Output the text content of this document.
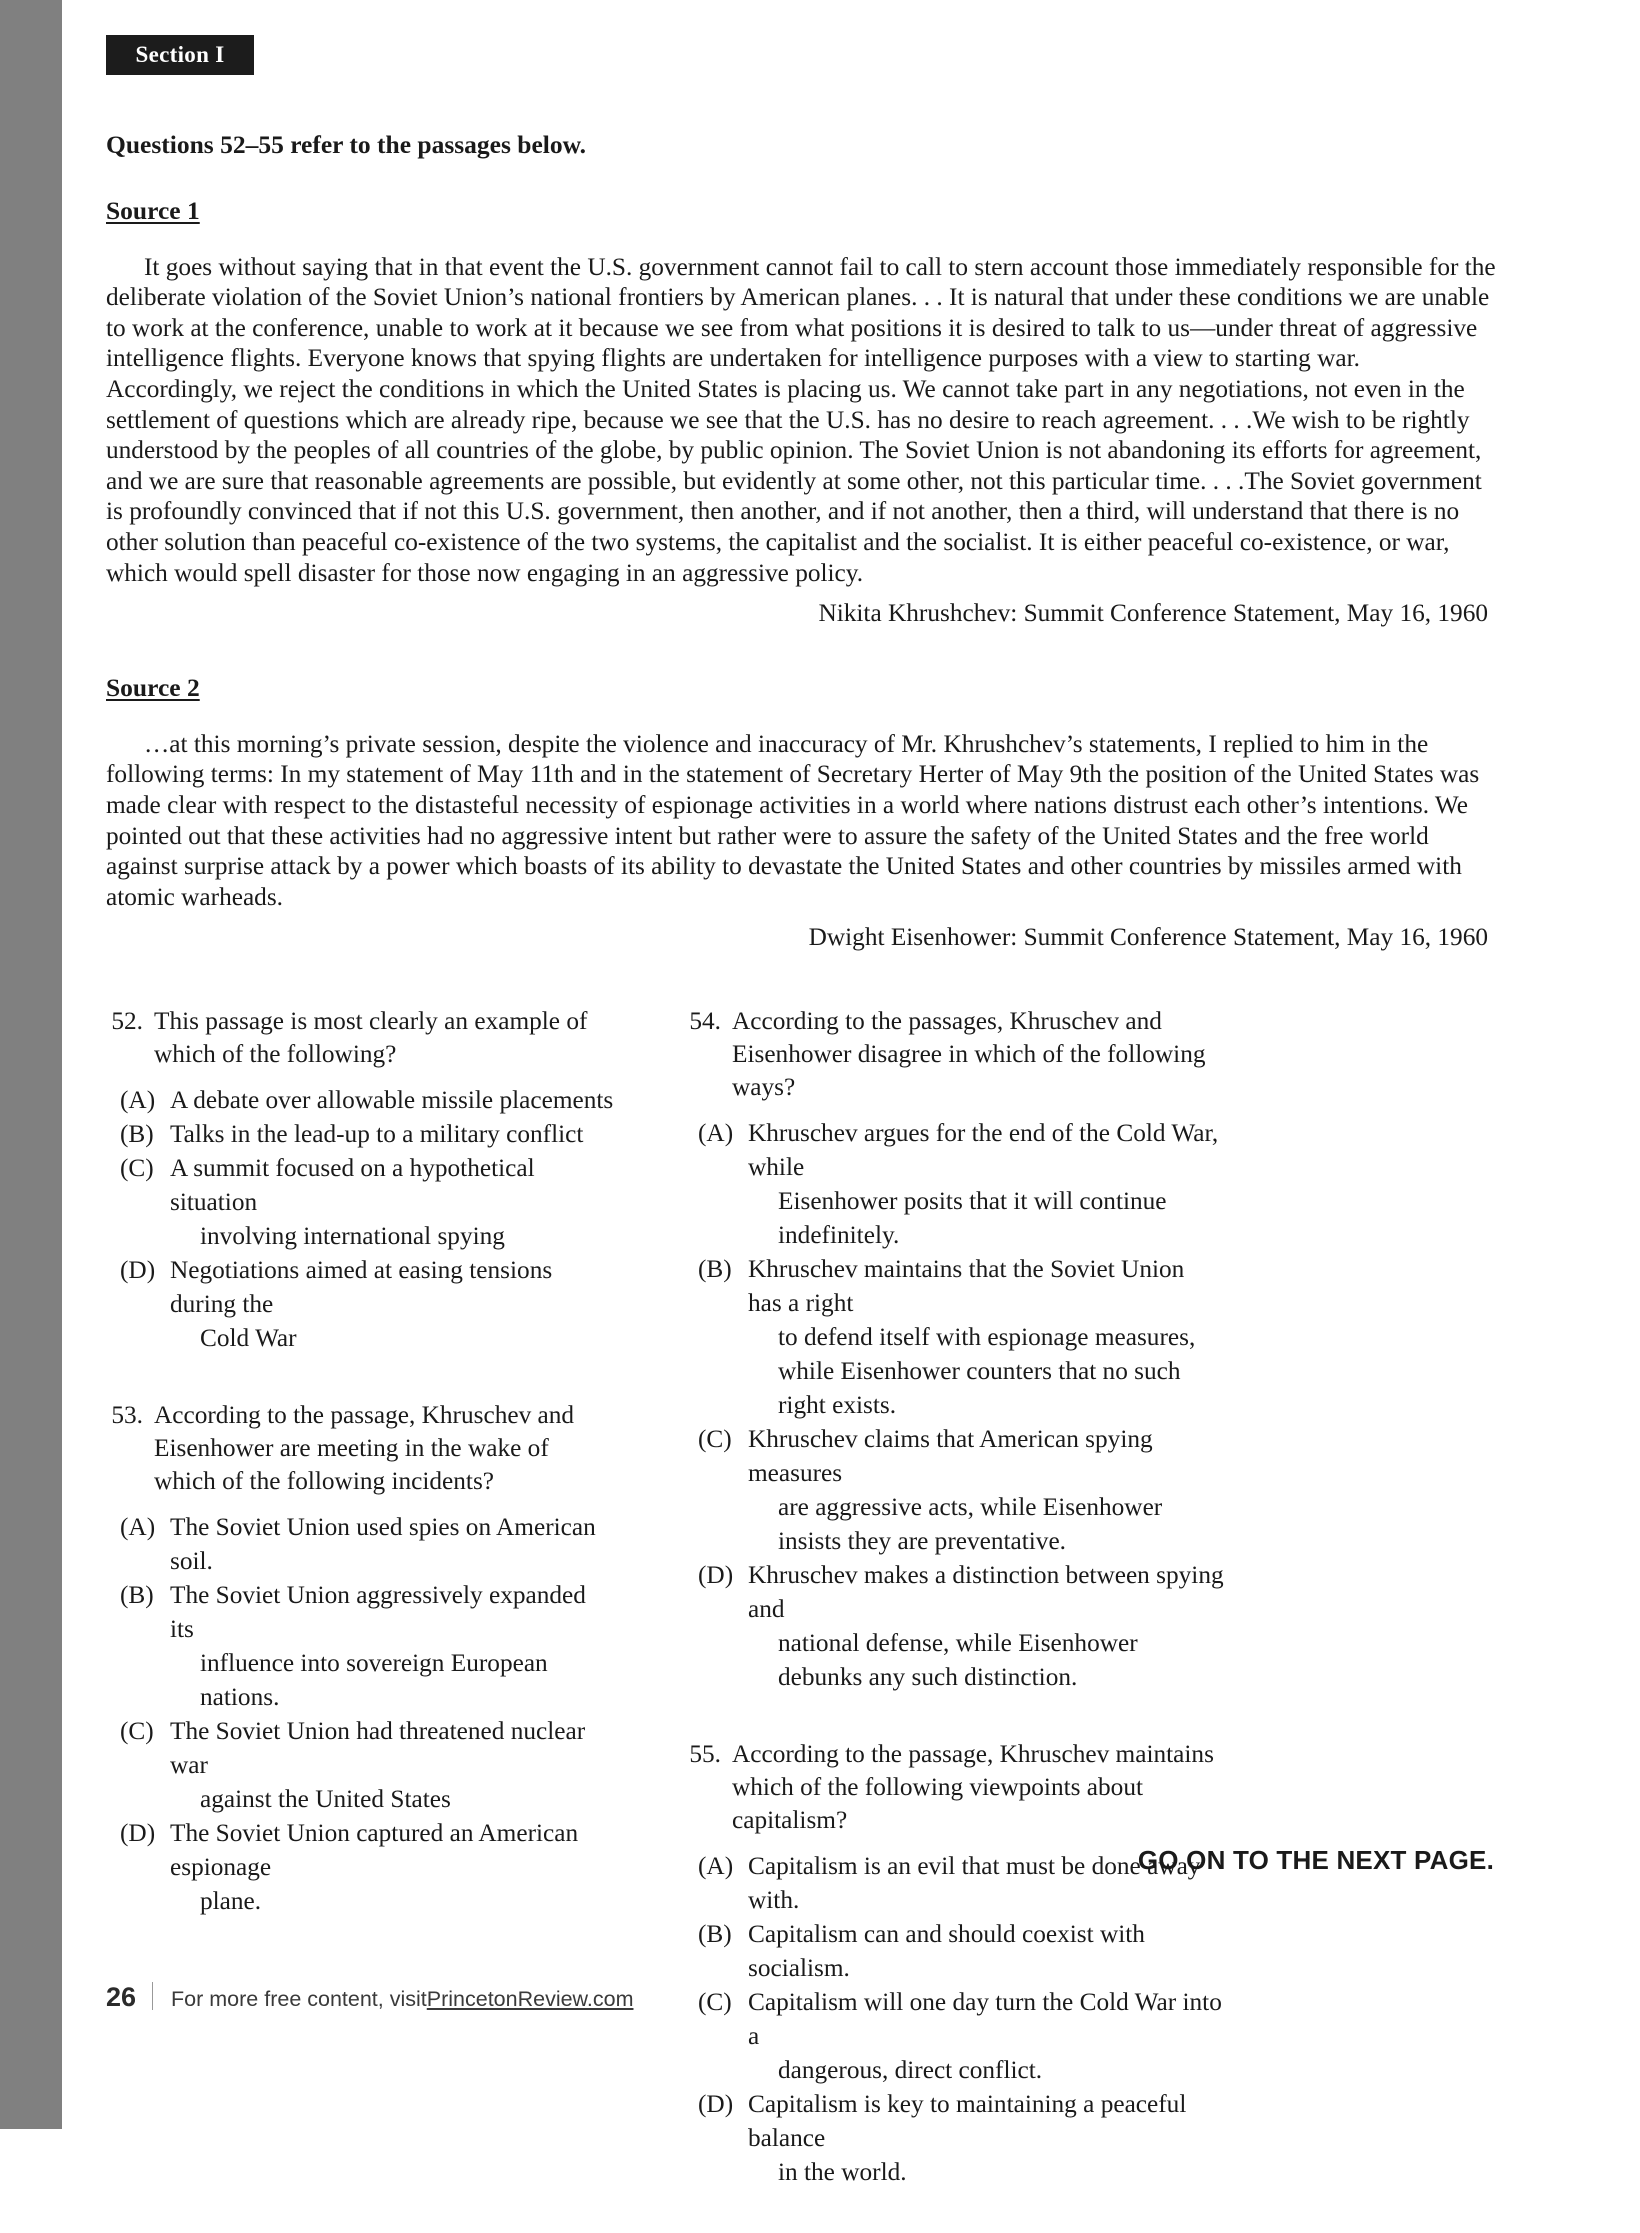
Section I
Questions 52–55 refer to the passages below.
Source 1
It goes without saying that in that event the U.S. government cannot fail to call to stern account those immediately responsible for the deliberate violation of the Soviet Union’s national frontiers by American planes. . . It is natural that under these conditions we are unable to work at the conference, unable to work at it because we see from what positions it is desired to talk to us—under threat of aggressive intelligence flights. Everyone knows that spying flights are undertaken for intelligence purposes with a view to starting war. Accordingly, we reject the conditions in which the United States is placing us. We cannot take part in any negotiations, not even in the settlement of questions which are already ripe, because we see that the U.S. has no desire to reach agreement. . . .We wish to be rightly understood by the peoples of all countries of the globe, by public opinion. The Soviet Union is not abandoning its efforts for agreement, and we are sure that reasonable agreements are possible, but evidently at some other, not this particular time. . . .The Soviet government is profoundly convinced that if not this U.S. government, then another, and if not another, then a third, will understand that there is no other solution than peaceful co-existence of the two systems, the capitalist and the socialist. It is either peaceful co-existence, or war, which would spell disaster for those now engaging in an aggressive policy.
Nikita Khrushchev: Summit Conference Statement, May 16, 1960
Source 2
…at this morning’s private session, despite the violence and inaccuracy of Mr. Khrushchev’s statements, I replied to him in the following terms: In my statement of May 11th and in the statement of Secretary Herter of May 9th the position of the United States was made clear with respect to the distasteful necessity of espionage activities in a world where nations distrust each other’s intentions. We pointed out that these activities had no aggressive intent but rather were to assure the safety of the United States and the free world against surprise attack by a power which boasts of its ability to devastate the United States and other countries by missiles armed with atomic warheads.
Dwight Eisenhower: Summit Conference Statement, May 16, 1960
52. This passage is most clearly an example of which of the following?
(A) A debate over allowable missile placements
(B) Talks in the lead-up to a military conflict
(C) A summit focused on a hypothetical situation
involving international spying
(D) Negotiations aimed at easing tensions during the
Cold War
53. According to the passage, Khruschev and Eisenhower are meeting in the wake of which of the following incidents?
(A) The Soviet Union used spies on American soil.
(B) The Soviet Union aggressively expanded its
influence into sovereign European nations.
(C) The Soviet Union had threatened nuclear war
against the United States
(D) The Soviet Union captured an American espionage
plane.
54. According to the passages, Khruschev and Eisenhower disagree in which of the following ways?
(A) Khruschev argues for the end of the Cold War, while
Eisenhower posits that it will continue indefinitely.
(B) Khruschev maintains that the Soviet Union has a right
to defend itself with espionage measures, while Eisenhower counters that no such right exists.
(C) Khruschev claims that American spying measures
are aggressive acts, while Eisenhower insists they are preventative.
(D) Khruschev makes a distinction between spying and
national defense, while Eisenhower debunks any such distinction.
55. According to the passage, Khruschev maintains which of the following viewpoints about capitalism?
(A) Capitalism is an evil that must be done away with.
(B) Capitalism can and should coexist with socialism.
(C) Capitalism will one day turn the Cold War into a
dangerous, direct conflict.
(D) Capitalism is key to maintaining a peaceful balance
in the world.
GO ON TO THE NEXT PAGE.
26 For more free content, visit PrincetonReview.com
